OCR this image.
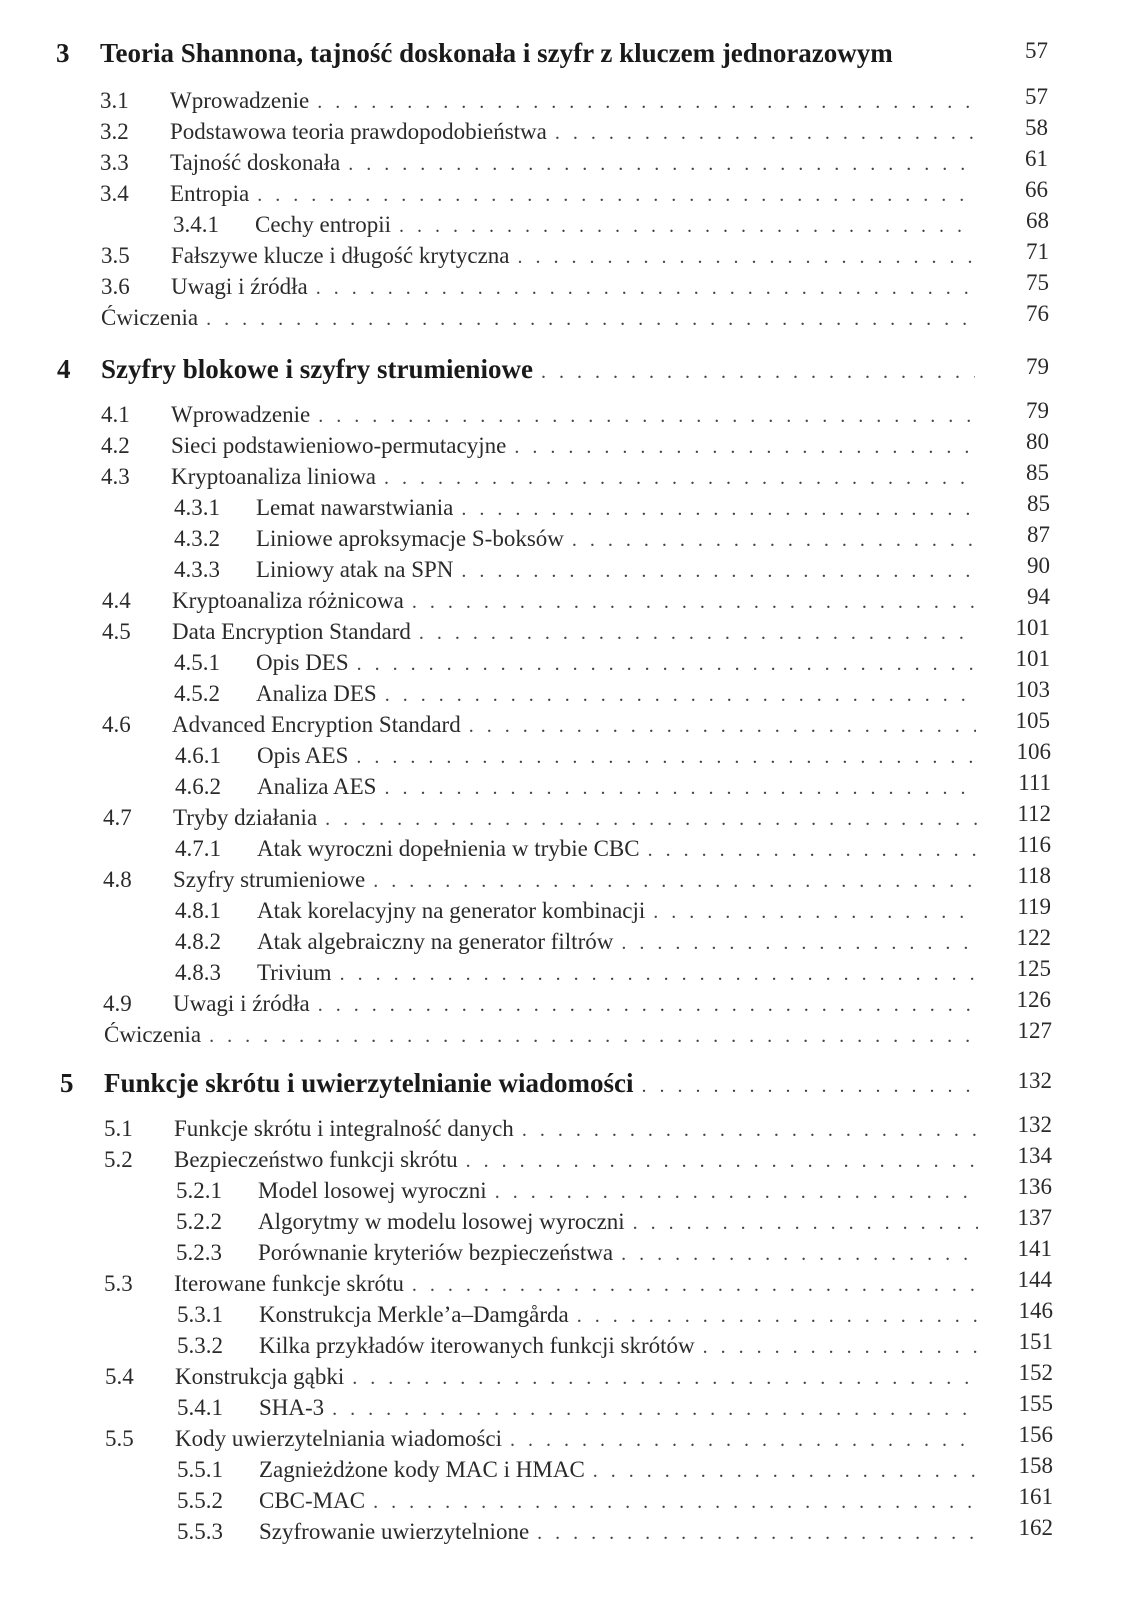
3	Teoria Shannona, tajność doskonała i szyfr z kluczem jednorazowym	57
3.1	Wprowadzenie . . .	57
3.2	Podstawowa teoria prawdopodobieństwa . . .	58
3.3	Tajność doskonała . . .	61
3.4	Entropia . . .	66
3.4.1	Cechy entropii . . .	68
3.5	Fałszywe klucze i długość krytyczna . . .	71
3.6	Uwagi i źródła . . .	75
Ćwiczenia . . .	76
4	Szyfry blokowe i szyfry strumieniowe . . .	79
4.1	Wprowadzenie . . .	79
4.2	Sieci podstawieniowo-permutacyjne . . .	80
4.3	Kryptoanaliza liniowa . . .	85
4.3.1	Lemat nawarstwiania . . .	85
4.3.2	Liniowe aproksymacje S-boksów . . .	87
4.3.3	Liniowy atak na SPN . . .	90
4.4	Kryptoanaliza różnicowa . . .	94
4.5	Data Encryption Standard . . .	101
4.5.1	Opis DES . . .	101
4.5.2	Analiza DES . . .	103
4.6	Advanced Encryption Standard . . .	105
4.6.1	Opis AES . . .	106
4.6.2	Analiza AES . . .	111
4.7	Tryby działania . . .	112
4.7.1	Atak wyroczni dopełnienia w trybie CBC . . .	116
4.8	Szyfry strumieniowe . . .	118
4.8.1	Atak korelacyjny na generator kombinacji . . .	119
4.8.2	Atak algebraiczny na generator filtrów . . .	122
4.8.3	Trivium . . .	125
4.9	Uwagi i źródła . . .	126
Ćwiczenia . . .	127
5	Funkcje skrótu i uwierzytelnianie wiadomości . . .	132
5.1	Funkcje skrótu i integralność danych . . .	132
5.2	Bezpieczeństwo funkcji skrótu . . .	134
5.2.1	Model losowej wyroczni . . .	136
5.2.2	Algorytmy w modelu losowej wyroczni . . .	137
5.2.3	Porównanie kryteriów bezpieczeństwa . . .	141
5.3	Iterowane funkcje skrótu . . .	144
5.3.1	Konstrukcja Merkle’a–Damgårda . . .	146
5.3.2	Kilka przykładów iterowanych funkcji skrótów . . .	151
5.4	Konstrukcja gąbki . . .	152
5.4.1	SHA-3 . . .	155
5.5	Kody uwierzytelniania wiadomości . . .	156
5.5.1	Zagnieżdżone kody MAC i HMAC . . .	158
5.5.2	CBC-MAC . . .	161
5.5.3	Szyfrowanie uwierzytelnione . . .	162
